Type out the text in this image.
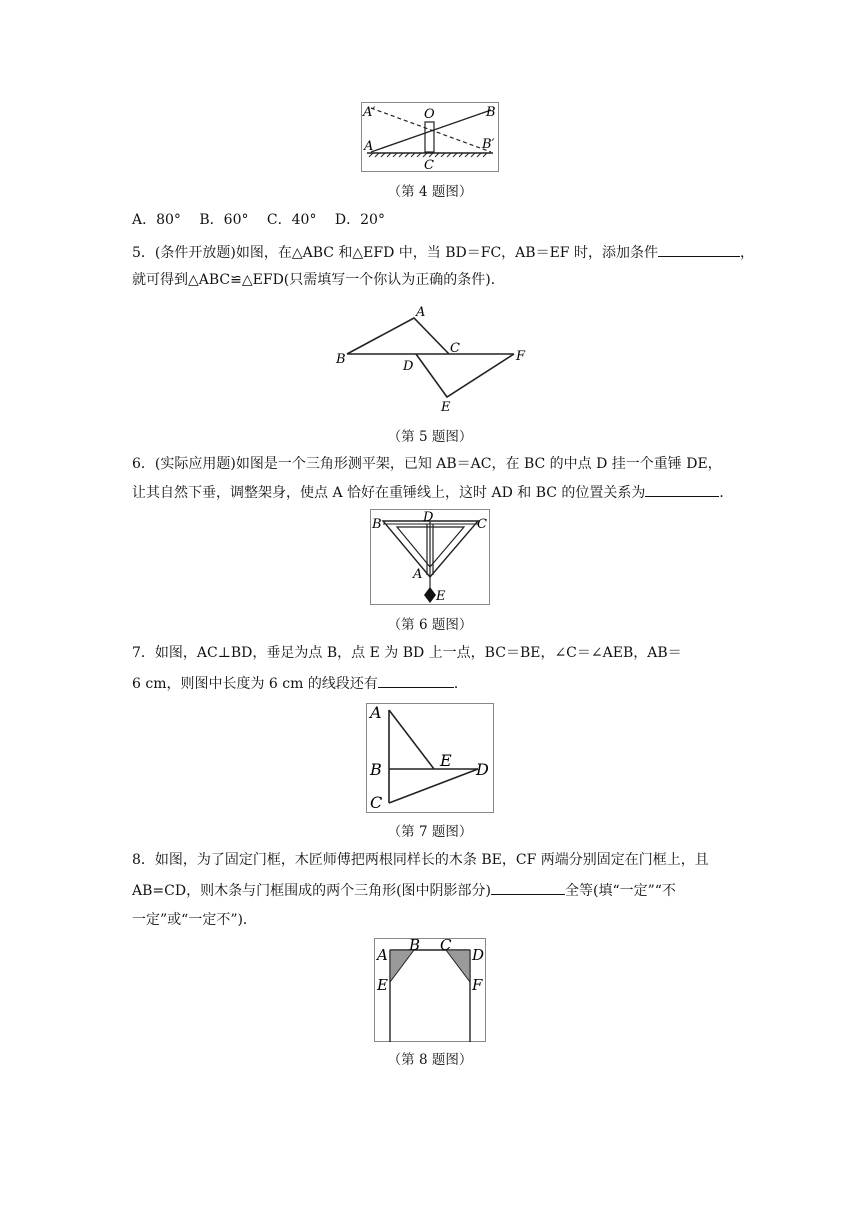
A′	O	B
A	B′
C
（第 4 题图）
A．80°　 B．60°　 C．40°　 D．20°
5．(条件开放题)如图，在△ABC 和△EFD 中，当 BD＝FC，AB＝EF 时，添加条件	，
就可得到△ABC≌△EFD(只需填写一个你认为正确的条件)．
A
B
C
D
E
F
（第 5 题图）
6．(实际应用题)如图是一个三角形测平架，已知 AB＝AC，在 BC 的中点 D 挂一个重锤 DE，
让其自然下垂，调整架身，使点 A 恰好在重锤线上，这时 AD 和 BC 的位置关系为	．
B	D	C
A
E
（第 6 题图）
7．如图，AC⊥BD，垂足为点 B，点 E 为 BD 上一点，BC＝BE，∠C＝∠AEB，AB＝
6 cm，则图中长度为 6 cm 的线段还有	．
A
B	E D
C
（第 7 题图）
8．如图，为了固定门框，木匠师傅把两根同样长的木条 BE，CF 两端分别固定在门框上，且
AB=CD，则木条与门框围成的两个三角形(图中阴影部分)	全等(填“一定”“不
一定”或“一定不”)．
A
B C
D
E	F
（第 8 题图）
